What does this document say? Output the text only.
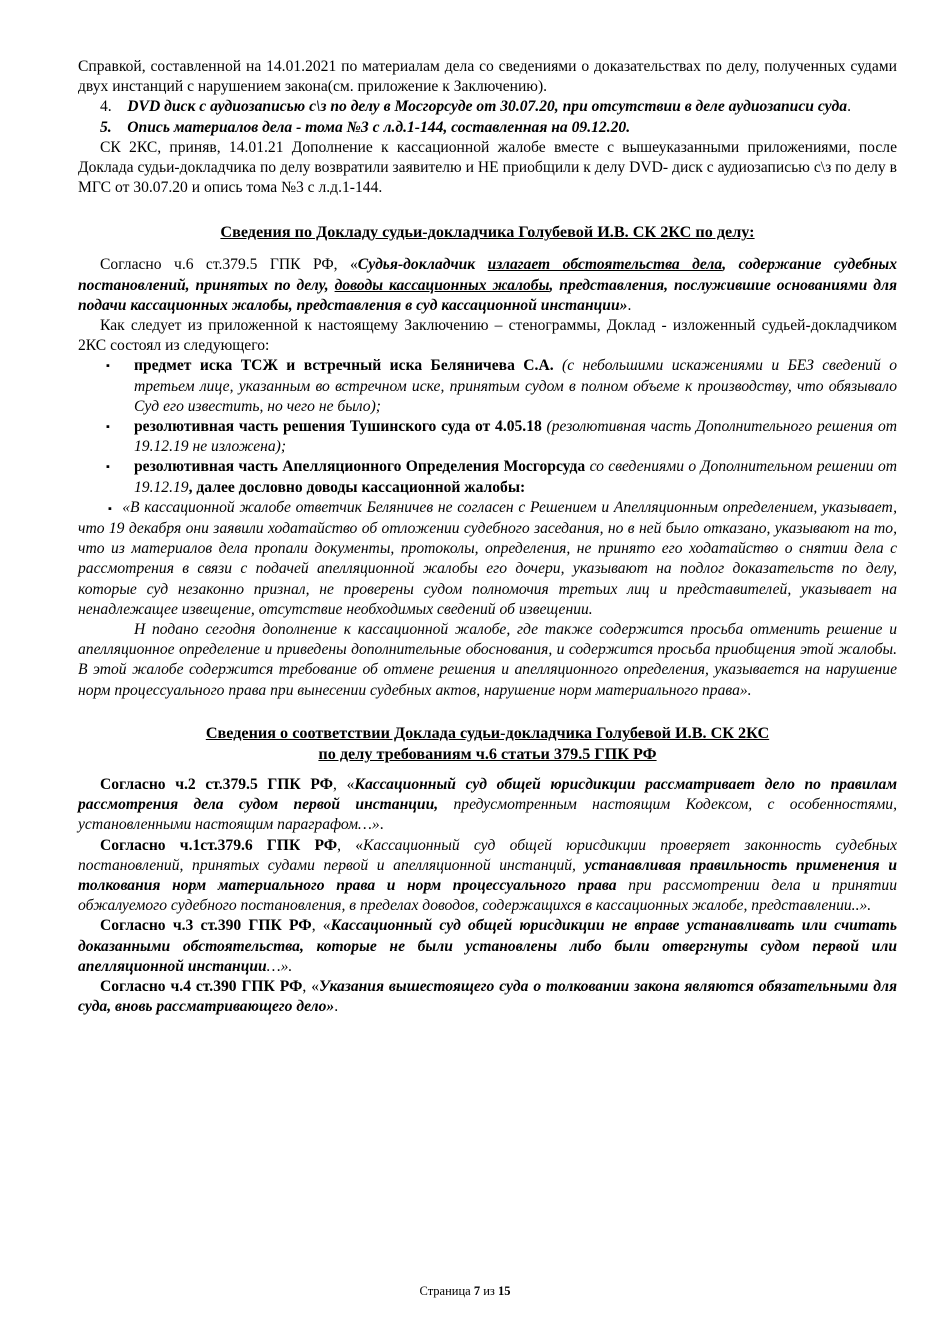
Справкой, составленной на 14.01.2021 по материалам дела со сведениями о доказательствах по делу, полученных судами двух инстанций с нарушением закона(см. приложение к Заключению).

4. DVD диск с аудиозаписью с\з по делу в Мосгорсуде от 30.07.20, при отсутствии в деле аудиозаписи суда.

5. Опись материалов дела - тома №3 с л.д.1-144, составленная на 09.12.20.

СК 2КС, приняв, 14.01.21 Дополнение к кассационной жалобе вместе с вышеуказанными приложениями, после Доклада судьи-докладчика по делу возвратили заявителю и НЕ приобщили к делу DVD- диск с аудиозаписью с\з по делу в МГС от 30.07.20 и опись тома №3 с л.д.1-144.

Сведения по Докладу судьи-докладчика Голубевой И.В. СК 2КС по делу:

Согласно ч.6 ст.379.5 ГПК РФ, «Судья-докладчик излагает обстоятельства дела, содержание судебных постановлений, принятых по делу, доводы кассационных жалобы, представления, послужившие основаниями для подачи кассационных жалобы, представления в суд кассационной инстанции».

Как следует из приложенной к настоящему Заключению – стенограммы, Доклад - изложенный судьей-докладчиком 2КС состоял из следующего:

▪ предмет иска ТСЖ и встречный иска Беляничева С.А. (с небольшими искажениями и БЕЗ сведений о третьем лице, указанным во встречном иске, принятым судом в полном объеме к производству, что обязывало Суд его известить, но чего не было);
▪ резолютивная часть решения Тушинского суда от 4.05.18 (резолютивная часть Дополнительного решения от 19.12.19 не изложена);
▪ резолютивная часть Апелляционного Определения Мосгорсуда со сведениями о Дополнительном решении от 19.12.19, далее дословно доводы кассационной жалобы:

▪ «В кассационной жалобе ответчик Беляничев не согласен с Решением и Апелляционным определением, указывает, что 19 декабря они заявили ходатайство об отложении судебного заседания, но в ней было отказано, указывают на то, что из материалов дела пропали документы, протоколы, определения, не принято его ходатайство о снятии дела с рассмотрения в связи с подачей апелляционной жалобы его дочери, указывают на подлог доказательств по делу, которые суд незаконно признал, не проверены судом полномочия третьих лиц и представителей, указывает на ненадлежащее извещение, отсутствие необходимых сведений об извещении.

Н подано сегодня дополнение к кассационной жалобе, где также содержится просьба отменить решение и апелляционное определение и приведены дополнительные обоснования, и содержится просьба приобщения этой жалобы. В этой жалобе содержится требование об отмене решения и апелляционного определения, указывается на нарушение норм процессуального права при вынесении судебных актов, нарушение норм материального права».

Сведения о соответствии Доклада судьи-докладчика Голубевой И.В. СК 2КС
по делу требованиям ч.6 статьи 379.5 ГПК РФ

Согласно ч.2 ст.379.5 ГПК РФ, «Кассационный суд общей юрисдикции рассматривает дело по правилам рассмотрения дела судом первой инстанции, предусмотренным настоящим Кодексом, с особенностями, установленными настоящим параграфом…».

Согласно ч.1ст.379.6 ГПК РФ, «Кассационный суд общей юрисдикции проверяет законность судебных постановлений, принятых судами первой и апелляционной инстанций, устанавливая правильность применения и толкования норм материального права и норм процессуального права при рассмотрении дела и принятии обжалуемого судебного постановления, в пределах доводов, содержащихся в кассационных жалобе, представлении..».

Согласно ч.3 ст.390 ГПК РФ, «Кассационный суд общей юрисдикции не вправе устанавливать или считать доказанными обстоятельства, которые не были установлены либо были отвергнуты судом первой или апелляционной инстанции…».

Согласно ч.4 ст.390 ГПК РФ, «Указания вышестоящего суда о толковании закона являются обязательными для суда, вновь рассматривающего дело».

Страница 7 из 15
